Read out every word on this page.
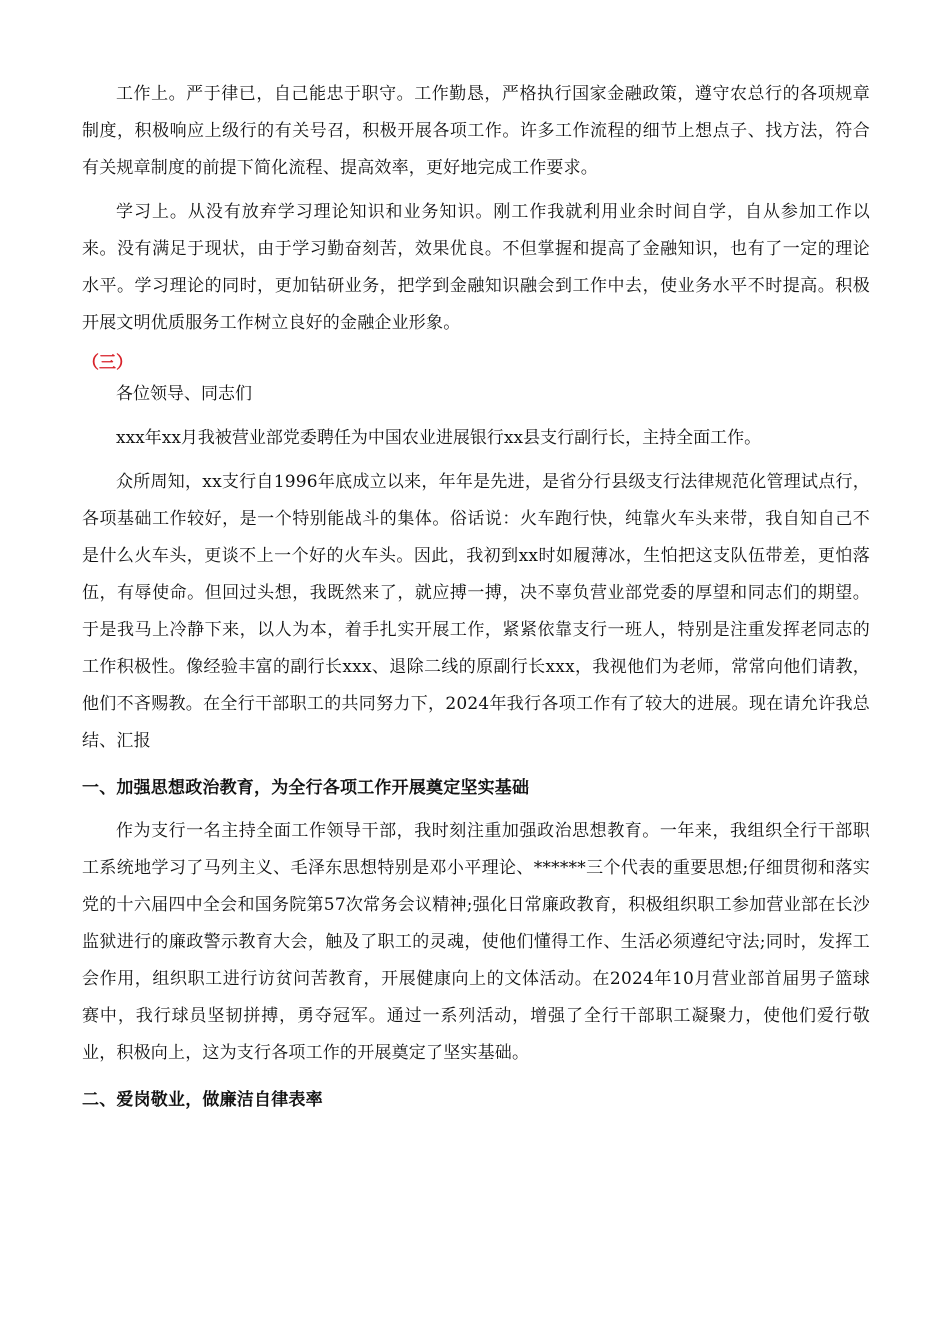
工作上。严于律已，自己能忠于职守。工作勤恳，严格执行国家金融政策，遵守农总行的各项规章制度，积极响应上级行的有关号召，积极开展各项工作。许多工作流程的细节上想点子、找方法，符合有关规章制度的前提下简化流程、提高效率，更好地完成工作要求。

学习上。从没有放弃学习理论知识和业务知识。刚工作我就利用业余时间自学，自从参加工作以来。没有满足于现状，由于学习勤奋刻苦，效果优良。不但掌握和提高了金融知识，也有了一定的理论水平。学习理论的同时，更加钻研业务，把学到金融知识融会到工作中去，使业务水平不时提高。积极开展文明优质服务工作树立良好的金融企业形象。

（三）

各位领导、同志们

xxx年xx月我被营业部党委聘任为中国农业进展银行xx县支行副行长，主持全面工作。

众所周知，xx支行自1996年底成立以来，年年是先进，是省分行县级支行法律规范化管理试点行，各项基础工作较好，是一个特别能战斗的集体。俗话说：火车跑行快，纯靠火车头来带，我自知自己不是什么火车头，更谈不上一个好的火车头。因此，我初到xx时如履薄冰，生怕把这支队伍带差，更怕落伍，有辱使命。但回过头想，我既然来了，就应搏一搏，决不辜负营业部党委的厚望和同志们的期望。于是我马上冷静下来，以人为本，着手扎实开展工作，紧紧依靠支行一班人，特别是注重发挥老同志的工作积极性。像经验丰富的副行长xxx、退除二线的原副行长xxx，我视他们为老师，常常向他们请教，他们不吝赐教。在全行干部职工的共同努力下，2024年我行各项工作有了较大的进展。现在请允许我总结、汇报

一、加强思想政治教育，为全行各项工作开展奠定坚实基础

作为支行一名主持全面工作领导干部，我时刻注重加强政治思想教育。一年来，我组织全行干部职工系统地学习了马列主义、毛泽东思想特别是邓小平理论、******三个代表的重要思想;仔细贯彻和落实党的十六届四中全会和国务院第57次常务会议精神;强化日常廉政教育，积极组织职工参加营业部在长沙监狱进行的廉政警示教育大会，触及了职工的灵魂，使他们懂得工作、生活必须遵纪守法;同时，发挥工会作用，组织职工进行访贫问苦教育，开展健康向上的文体活动。在2024年10月营业部首届男子篮球赛中，我行球员坚韧拼搏，勇夺冠军。通过一系列活动，增强了全行干部职工凝聚力，使他们爱行敬业，积极向上，这为支行各项工作的开展奠定了坚实基础。

二、爱岗敬业，做廉洁自律表率
